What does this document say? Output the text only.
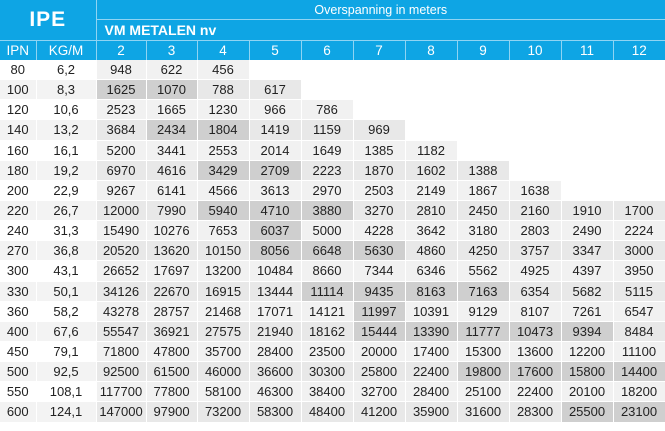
IPE		Overspanning in meters										
		VM METALEN nv										
IPN	KG/M	2	3	4	5	6	7	8	9	10	11	12
80	6,2	948	622	456								
100	8,3	1625	1070	788	617							
120	10,6	2523	1665	1230	966	786						
140	13,2	3684	2434	1804	1419	1159	969					
160	16,1	5200	3441	2553	2014	1649	1385	1182				
180	19,2	6970	4616	3429	2709	2223	1870	1602	1388			
200	22,9	9267	6141	4566	3613	2970	2503	2149	1867	1638		
220	26,7	12000	7990	5940	4710	3880	3270	2810	2450	2160	1910	1700
240	31,3	15490	10276	7653	6037	5000	4228	3642	3180	2803	2490	2224
270	36,8	20520	13620	10150	8056	6648	5630	4860	4250	3757	3347	3000
300	43,1	26652	17697	13200	10484	8660	7344	6346	5562	4925	4397	3950
330	50,1	34126	22670	16915	13444	11114	9435	8163	7163	6354	5682	5115
360	58,2	43278	28757	21468	17071	14121	11997	10391	9129	8107	7261	6547
400	67,6	55547	36921	27575	21940	18162	15444	13390	11777	10473	9394	8484
450	79,1	71800	47800	35700	28400	23500	20000	17400	15300	13600	12200	11100
500	92,5	92500	61500	46000	36600	30300	25800	22400	19800	17600	15800	14400
550	108,1	117700	77800	58100	46300	38400	32700	28400	25100	22400	20100	18200
600	124,1	147000	97900	73200	58300	48400	41200	35900	31600	28300	25500	23100
